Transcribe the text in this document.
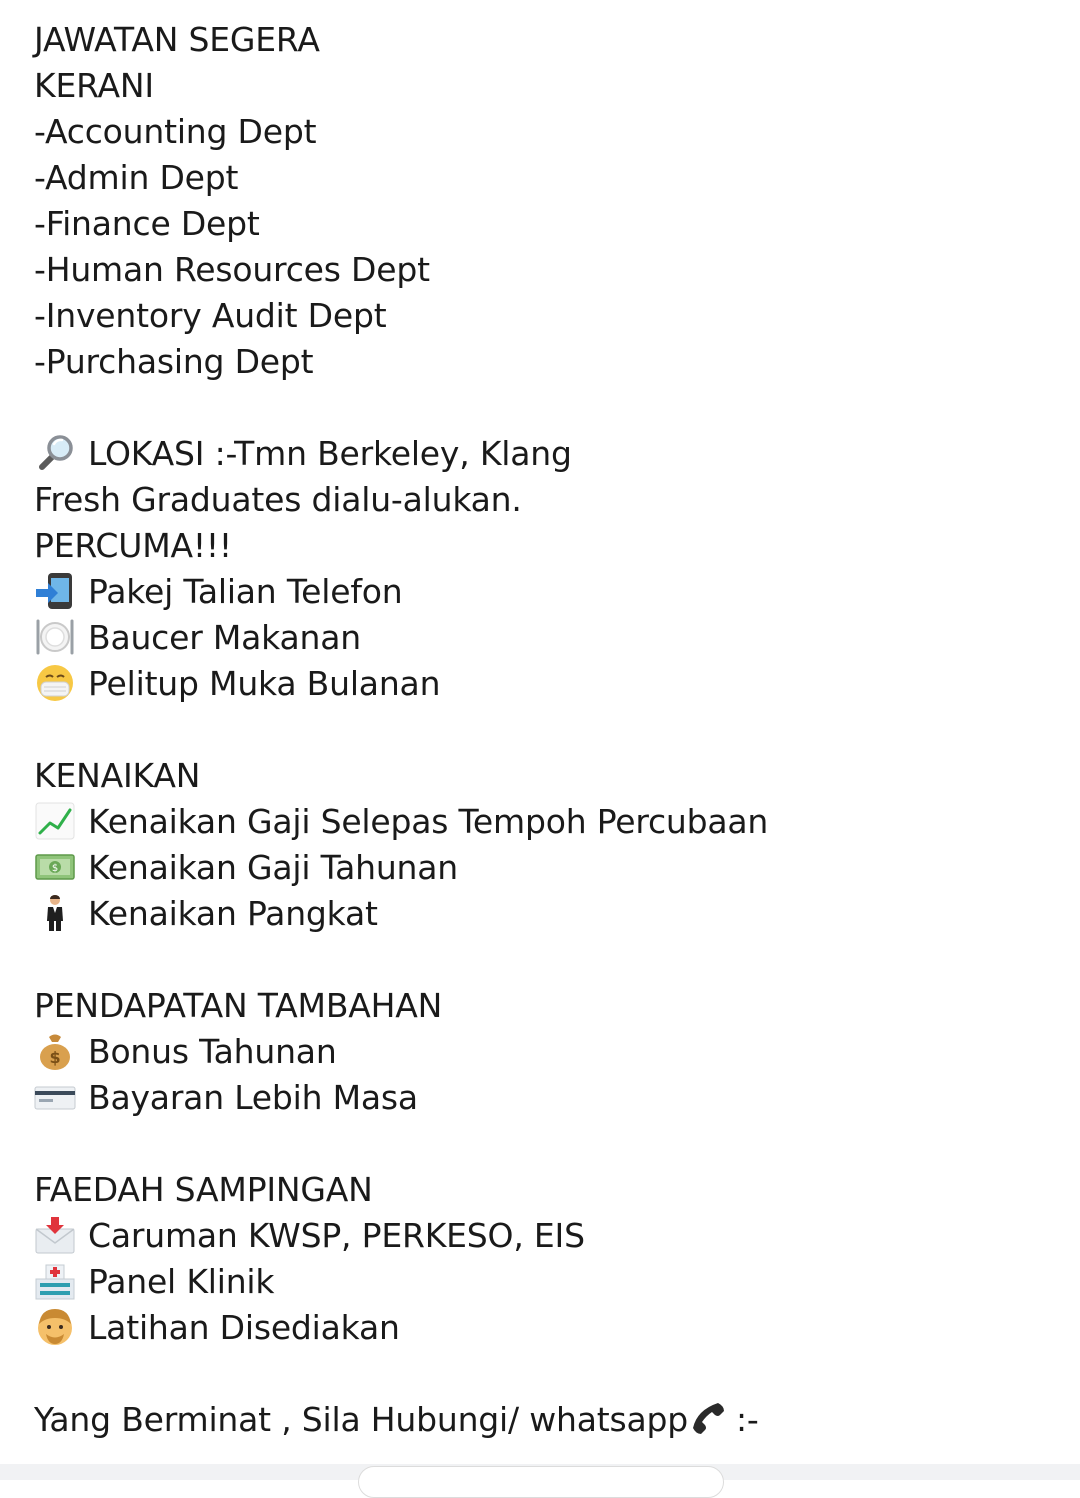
JAWATAN SEGERA
KERANI
-Accounting Dept
-Admin Dept
-Finance Dept
-Human Resources Dept
-Inventory Audit Dept
-Purchasing Dept
LOKASI :-Tmn Berkeley, Klang
Fresh Graduates dialu-alukan.
PERCUMA!!!
Pakej Talian Telefon
Baucer Makanan
Pelitup Muka Bulanan
KENAIKAN
Kenaikan Gaji Selepas Tempoh Percubaan
$ Kenaikan Gaji Tahunan
Kenaikan Pangkat
PENDAPATAN TAMBAHAN
$ Bonus Tahunan
Bayaran Lebih Masa
FAEDAH SAMPINGAN
Caruman KWSP, PERKESO, EIS
Panel Klinik
Latihan Disediakan
Yang Berminat , Sila Hubungi/ whatsapp :-
